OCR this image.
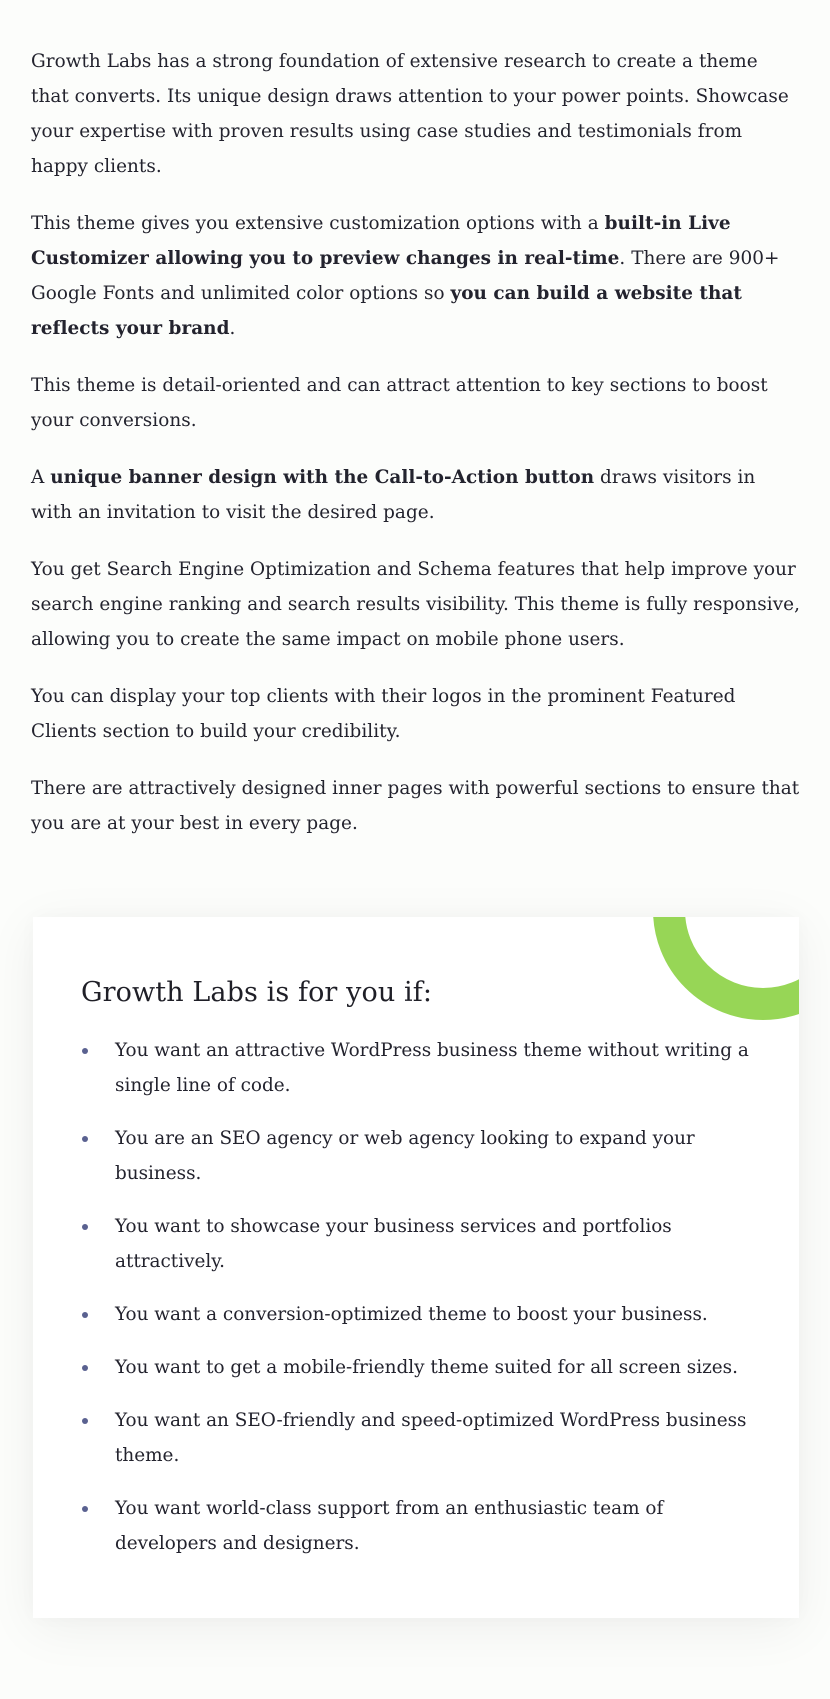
Growth Labs has a strong foundation of extensive research to create a theme that converts. Its unique design draws attention to your power points. Showcase your expertise with proven results using case studies and testimonials from happy clients.

This theme gives you extensive customization options with a built-in Live Customizer allowing you to preview changes in real-time. There are 900+ Google Fonts and unlimited color options so you can build a website that reflects your brand.

This theme is detail-oriented and can attract attention to key sections to boost your conversions.

A unique banner design with the Call-to-Action button draws visitors in with an invitation to visit the desired page.

You get Search Engine Optimization and Schema features that help improve your search engine ranking and search results visibility. This theme is fully responsive, allowing you to create the same impact on mobile phone users.

You can display your top clients with their logos in the prominent Featured Clients section to build your credibility.

There are attractively designed inner pages with powerful sections to ensure that you are at your best in every page.

Growth Labs is for you if:
You want an attractive WordPress business theme without writing a single line of code.
You are an SEO agency or web agency looking to expand your business.
You want to showcase your business services and portfolios attractively.
You want a conversion-optimized theme to boost your business.
You want to get a mobile-friendly theme suited for all screen sizes.
You want an SEO-friendly and speed-optimized WordPress business theme.
You want world-class support from an enthusiastic team of developers and designers.
